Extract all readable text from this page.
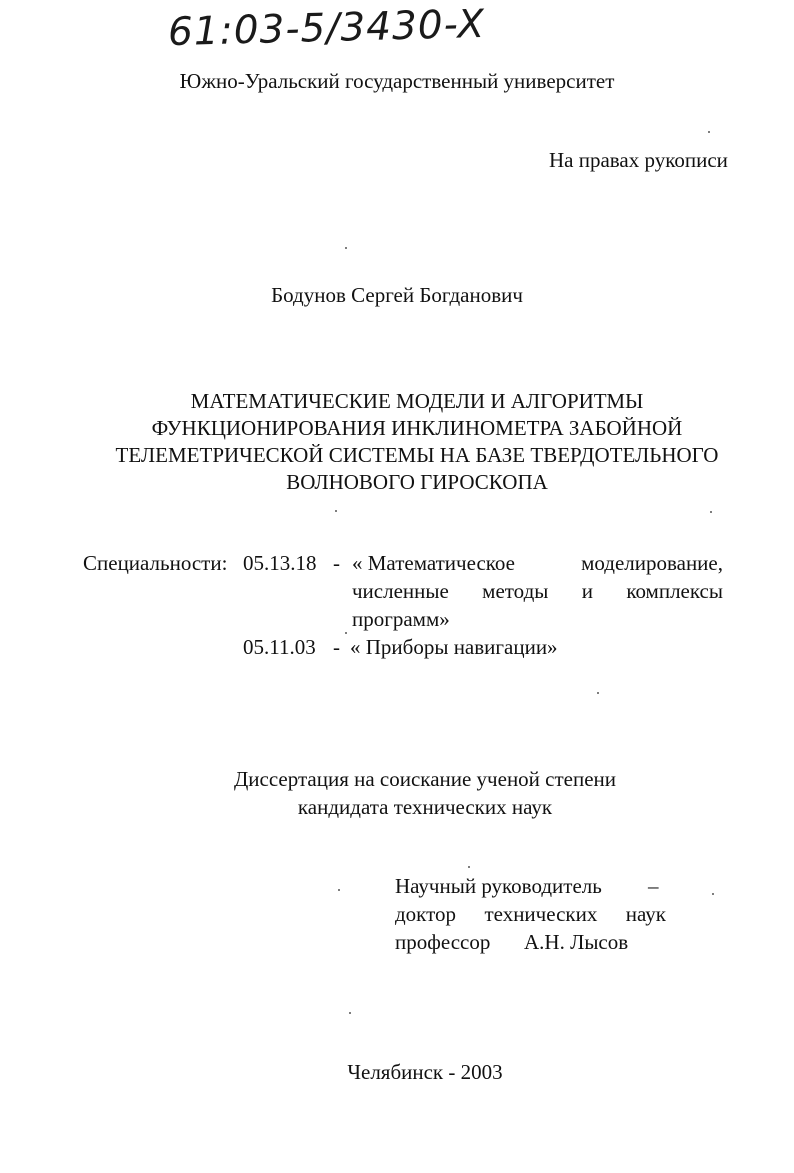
61:03-5/3430-X
Южно-Уральский государственный университет
На правах рукописи
Бодунов Сергей Богданович
МАТЕМАТИЧЕСКИЕ МОДЕЛИ И АЛГОРИТМЫ
ФУНКЦИОНИРОВАНИЯ ИНКЛИНОМЕТРА ЗАБОЙНОЙ
ТЕЛЕМЕТРИЧЕСКОЙ СИСТЕМЫ НА БАЗЕ ТВЕРДОТЕЛЬНОГО
ВОЛНОВОГО ГИРОСКОПА
Специальности: 05.13.18 - « Математическое	моделирование,
численные методы и комплексы
программ»
05.11.03 - « Приборы навигации»
Диссертация на соискание ученой степени
кандидата технических наук
Научный руководитель –
доктор технических наук
профессор А.Н. Лысов
Челябинск - 2003
